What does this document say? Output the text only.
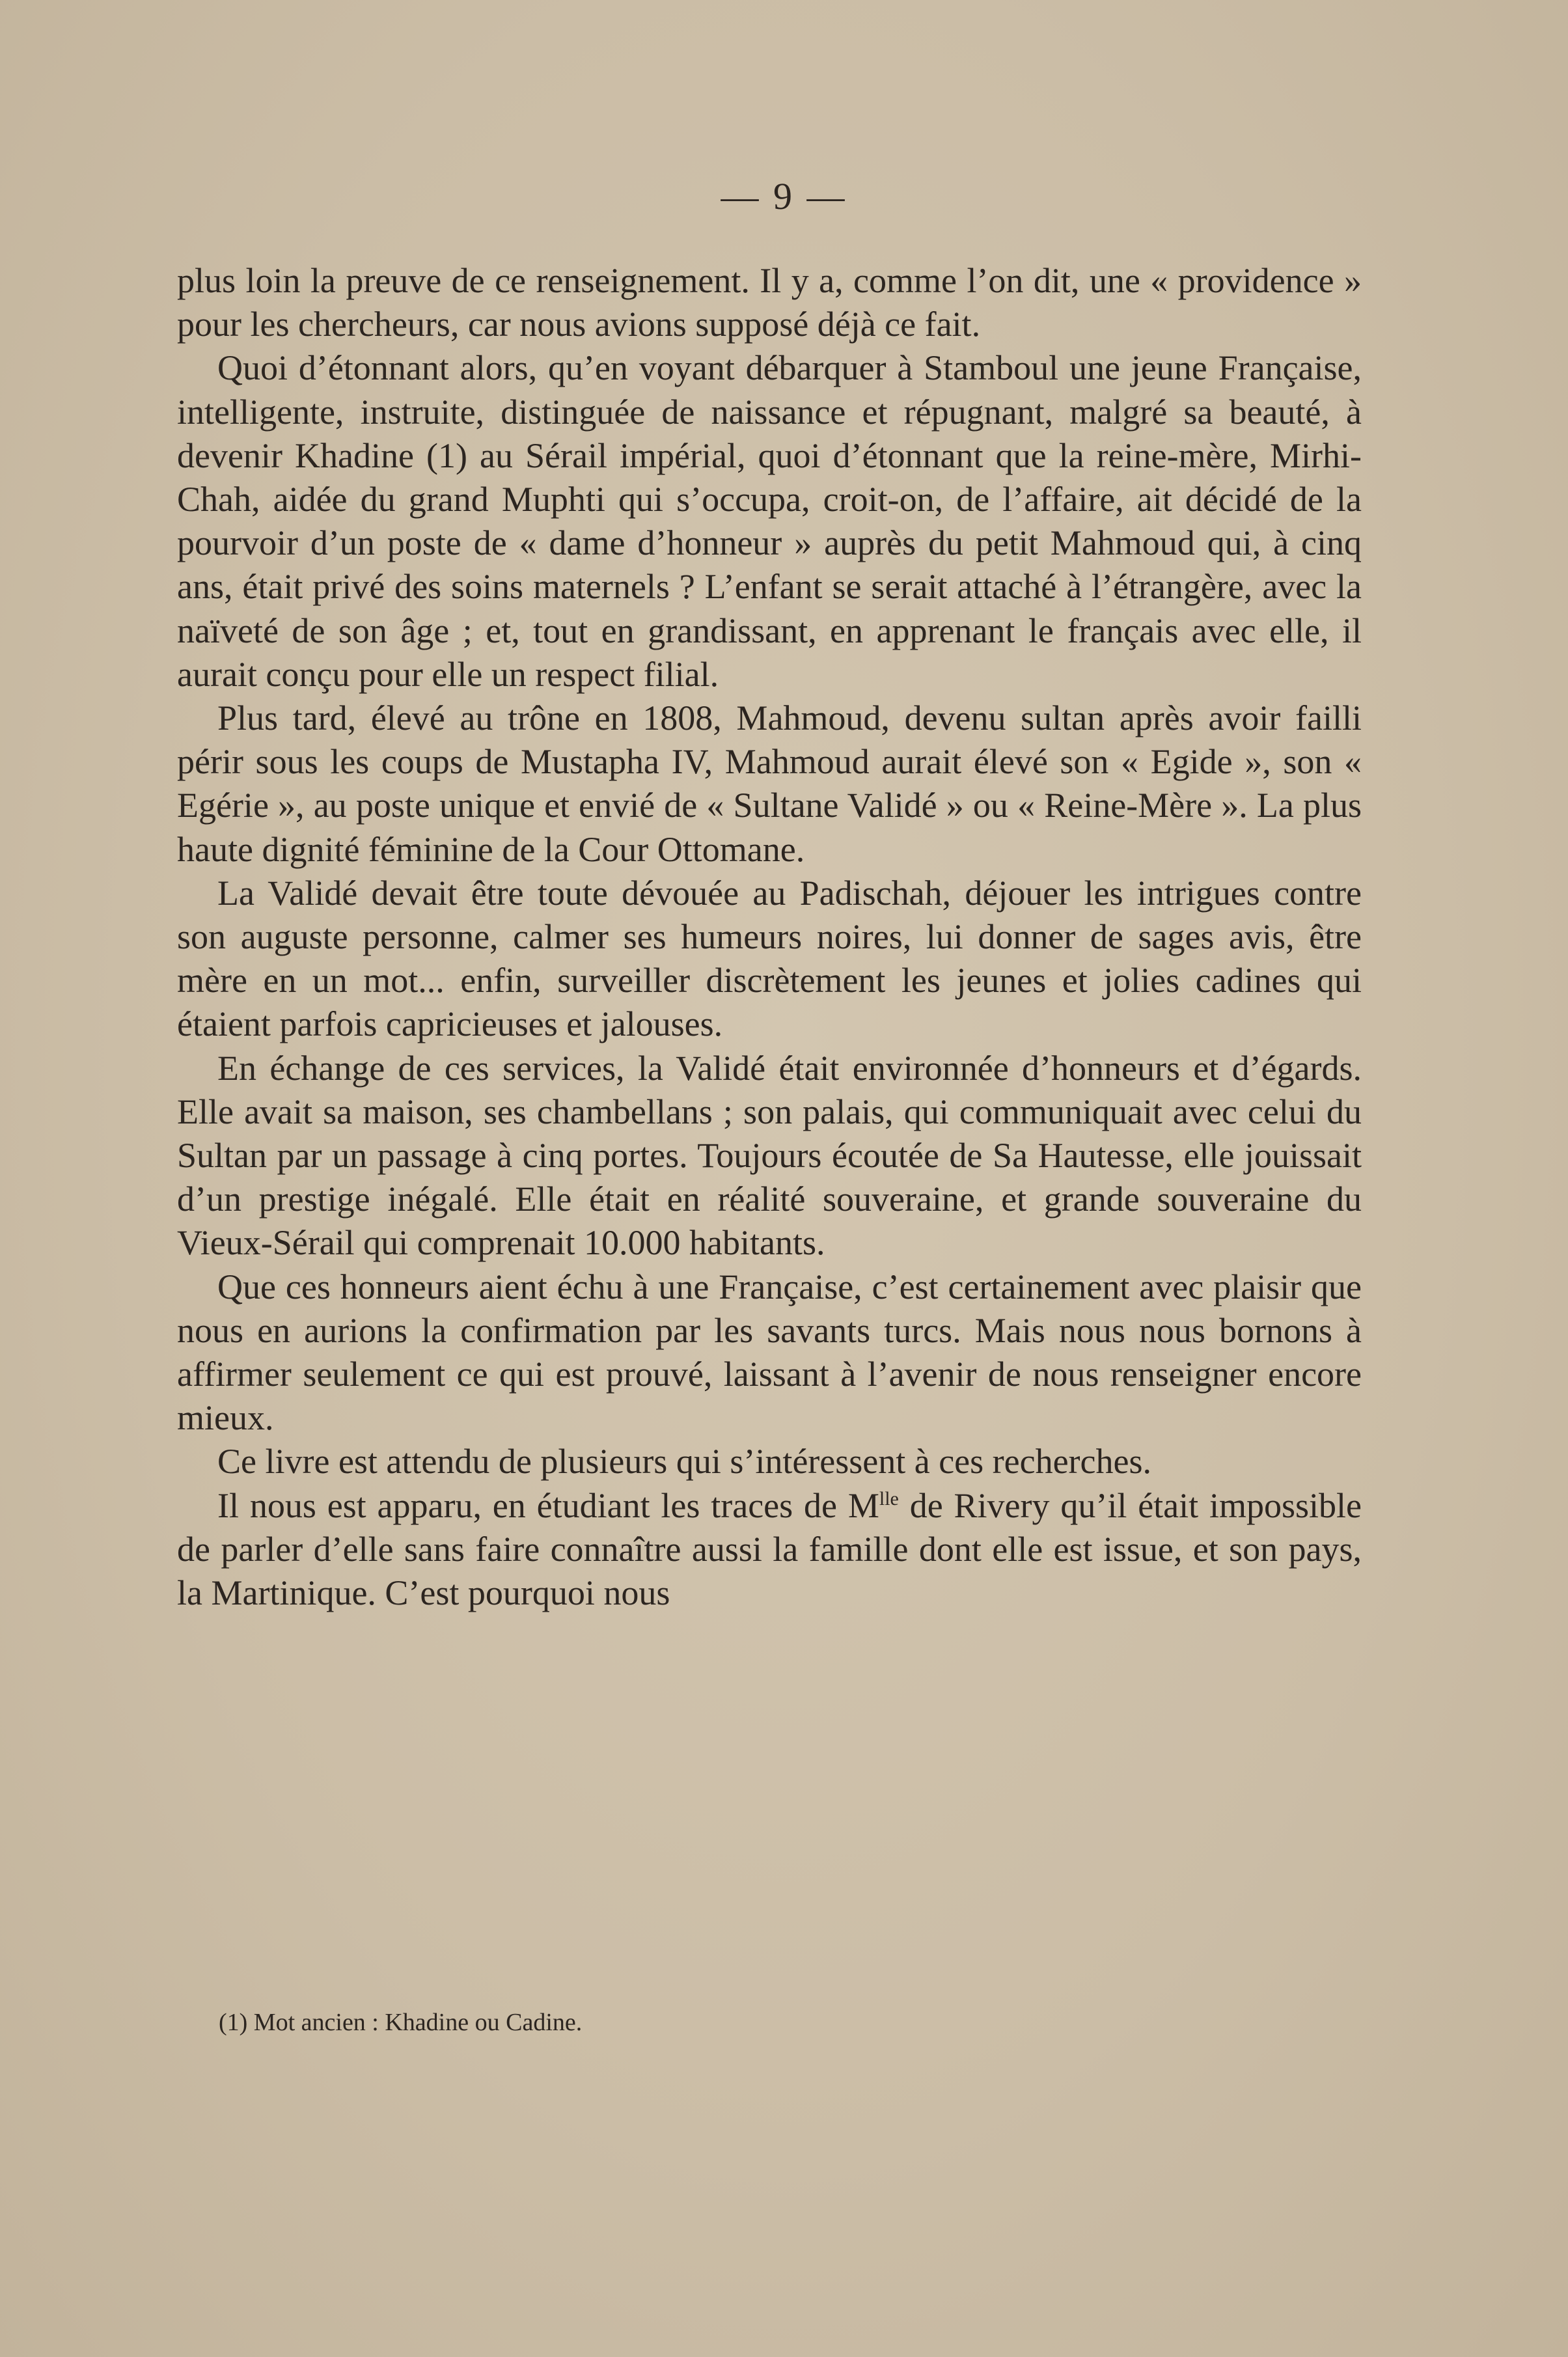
— 9 —

plus loin la preuve de ce renseignement. Il y a, comme l’on dit, une « providence » pour les chercheurs, car nous avions supposé déjà ce fait.

Quoi d’étonnant alors, qu’en voyant débarquer à Stamboul une jeune Française, intelligente, instruite, distinguée de naissance et répugnant, malgré sa beauté, à devenir Khadine (1) au Sérail impérial, quoi d’étonnant que la reine-mère, Mirhi-Chah, aidée du grand Muphti qui s’occupa, croit-on, de l’affaire, ait décidé de la pourvoir d’un poste de « dame d’honneur » auprès du petit Mahmoud qui, à cinq ans, était privé des soins maternels ? L’enfant se serait attaché à l’étrangère, avec la naïveté de son âge ; et, tout en grandissant, en apprenant le français avec elle, il aurait conçu pour elle un respect filial.

Plus tard, élevé au trône en 1808, Mahmoud, devenu sultan après avoir failli périr sous les coups de Mustapha IV, Mahmoud aurait élevé son « Egide », son « Egérie », au poste unique et envié de « Sultane Validé » ou « Reine-Mère ». La plus haute dignité féminine de la Cour Ottomane.

La Validé devait être toute dévouée au Padischah, déjouer les intrigues contre son auguste personne, calmer ses humeurs noires, lui donner de sages avis, être mère en un mot... enfin, surveiller discrètement les jeunes et jolies cadines qui étaient parfois capricieuses et jalouses.

En échange de ces services, la Validé était environnée d’honneurs et d’égards. Elle avait sa maison, ses chambellans ; son palais, qui communiquait avec celui du Sultan par un passage à cinq portes. Toujours écoutée de Sa Hautesse, elle jouissait d’un prestige inégalé. Elle était en réalité souveraine, et grande souveraine du Vieux-Sérail qui comprenait 10.000 habitants.

Que ces honneurs aient échu à une Française, c’est certainement avec plaisir que nous en aurions la confirmation par les savants turcs. Mais nous nous bornons à affirmer seulement ce qui est prouvé, laissant à l’avenir de nous renseigner encore mieux.

Ce livre est attendu de plusieurs qui s’intéressent à ces recherches.

Il nous est apparu, en étudiant les traces de $M^{lle}$ de Rivery qu’il était impossible de parler d’elle sans faire connaître aussi la famille dont elle est issue, et son pays, la Martinique. C’est pourquoi nous

(1) Mot ancien : Khadine ou Cadine.
